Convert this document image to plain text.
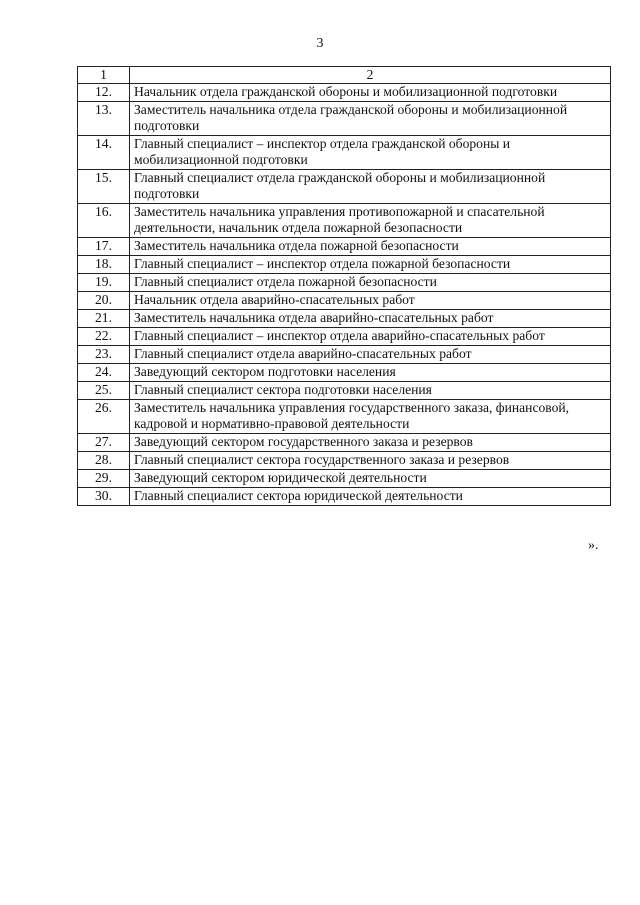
3
1	2
12.	Начальник отдела гражданской обороны и мобилизационной подготовки
13.	Заместитель начальника отдела гражданской обороны и мобилизационной подготовки
14.	Главный специалист – инспектор отдела гражданской обороны и мобилизационной подготовки
15.	Главный специалист отдела гражданской обороны и мобилизационной подготовки
16.	Заместитель начальника управления противопожарной и спасательной деятельности, начальник отдела пожарной безопасности
17.	Заместитель начальника отдела пожарной безопасности
18.	Главный специалист – инспектор отдела пожарной безопасности
19.	Главный специалист отдела пожарной безопасности
20.	Начальник отдела аварийно-спасательных работ
21.	Заместитель начальника отдела аварийно-спасательных работ
22.	Главный специалист – инспектор отдела аварийно-спасательных работ
23.	Главный специалист отдела аварийно-спасательных работ
24.	Заведующий сектором подготовки населения
25.	Главный специалист сектора подготовки населения
26.	Заместитель начальника управления государственного заказа, финансовой, кадровой и нормативно-правовой деятельности
27.	Заведующий сектором государственного заказа и резервов
28.	Главный специалист сектора государственного заказа и резервов
29.	Заведующий сектором юридической деятельности
30.	Главный специалист сектора юридической деятельности
».
